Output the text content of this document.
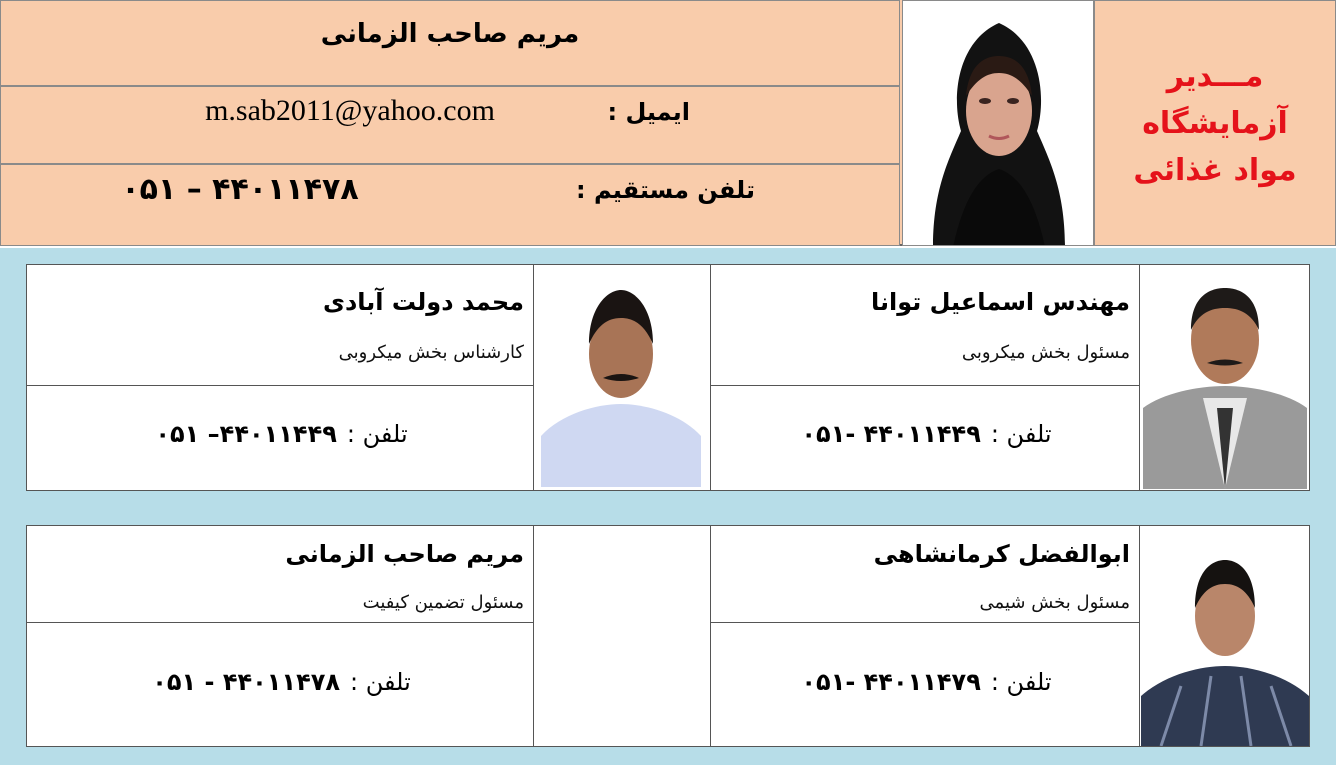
مریم صاحب الزمانی
m.sab2011@yahoo.com	ایمیل :
۰۵۱ – ۴۴۰۱۱۴۷۸	تلفن مستقیم :
مـــدیر
آزمایشگاه
مواد غذائی
مهندس اسماعیل توانا
مسئول بخش میکروبی
۰۵۱- ۴۴۰۱۱۴۴۹ تلفن :
محمد دولت آبادی
کارشناس بخش میکروبی
۰۵۱ –۴۴۰۱۱۴۴۹ تلفن :
ابوالفضل کرمانشاهی
مسئول بخش شیمی
۰۵۱- ۴۴۰۱۱۴۷۹ تلفن :
مریم صاحب الزمانی
مسئول تضمین کیفیت
۰۵۱ - ۴۴۰۱۱۴۷۸ تلفن :
